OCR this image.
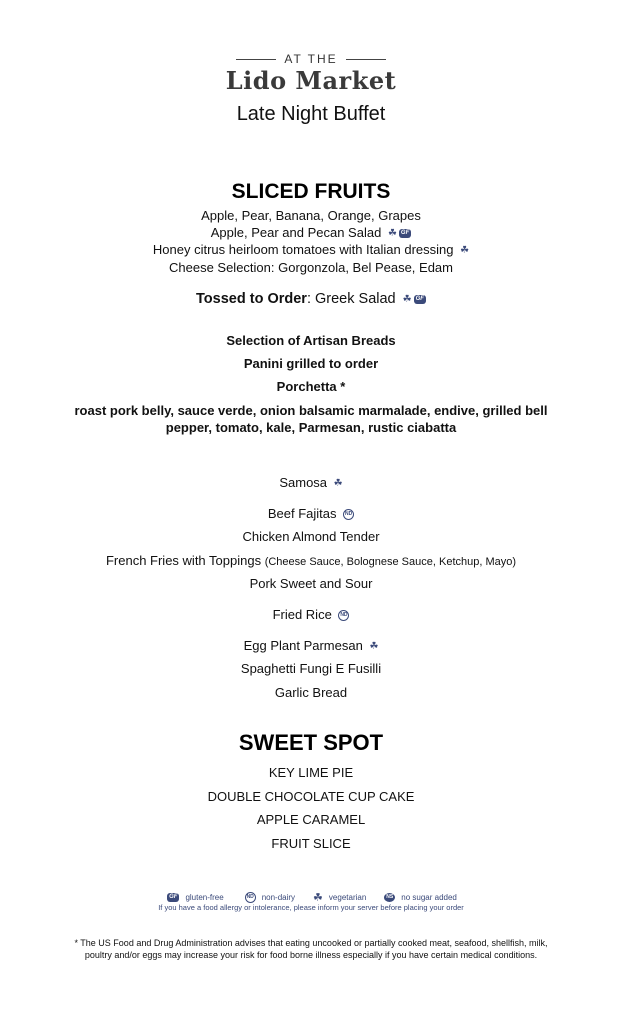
AT THE
Lido Market
Late Night Buffet
SLICED FRUITS
Apple, Pear, Banana, Orange, Grapes
Apple, Pear and Pecan Salad ☘ GF
Honey citrus heirloom tomatoes with Italian dressing ☘
Cheese Selection: Gorgonzola, Bel Pease, Edam
Tossed to Order: Greek Salad ☘ GF
Selection of Artisan Breads
Panini grilled to order
Porchetta *
roast pork belly, sauce verde, onion balsamic marmalade, endive, grilled bell
pepper, tomato, kale, Parmesan, rustic ciabatta
Samosa ☘
Beef Fajitas ND
Chicken Almond Tender
French Fries with Toppings (Cheese Sauce, Bolognese Sauce, Ketchup, Mayo)
Pork Sweet and Sour
Fried Rice ND
Egg Plant Parmesan ☘
Spaghetti Fungi E Fusilli
Garlic Bread
SWEET SPOT
KEY LIME PIE
DOUBLE CHOCOLATE CUP CAKE
APPLE CARAMEL
FRUIT SLICE
GF gluten-free	ND non-dairy ☘ vegetarian	NS no sugar added
If you have a food allergy or intolerance, please inform your server before placing your order
* The US Food and Drug Administration advises that eating uncooked or partially cooked meat, seafood, shellfish, milk, poultry and/or eggs may increase your risk for food borne illness especially if you have certain medical conditions.
